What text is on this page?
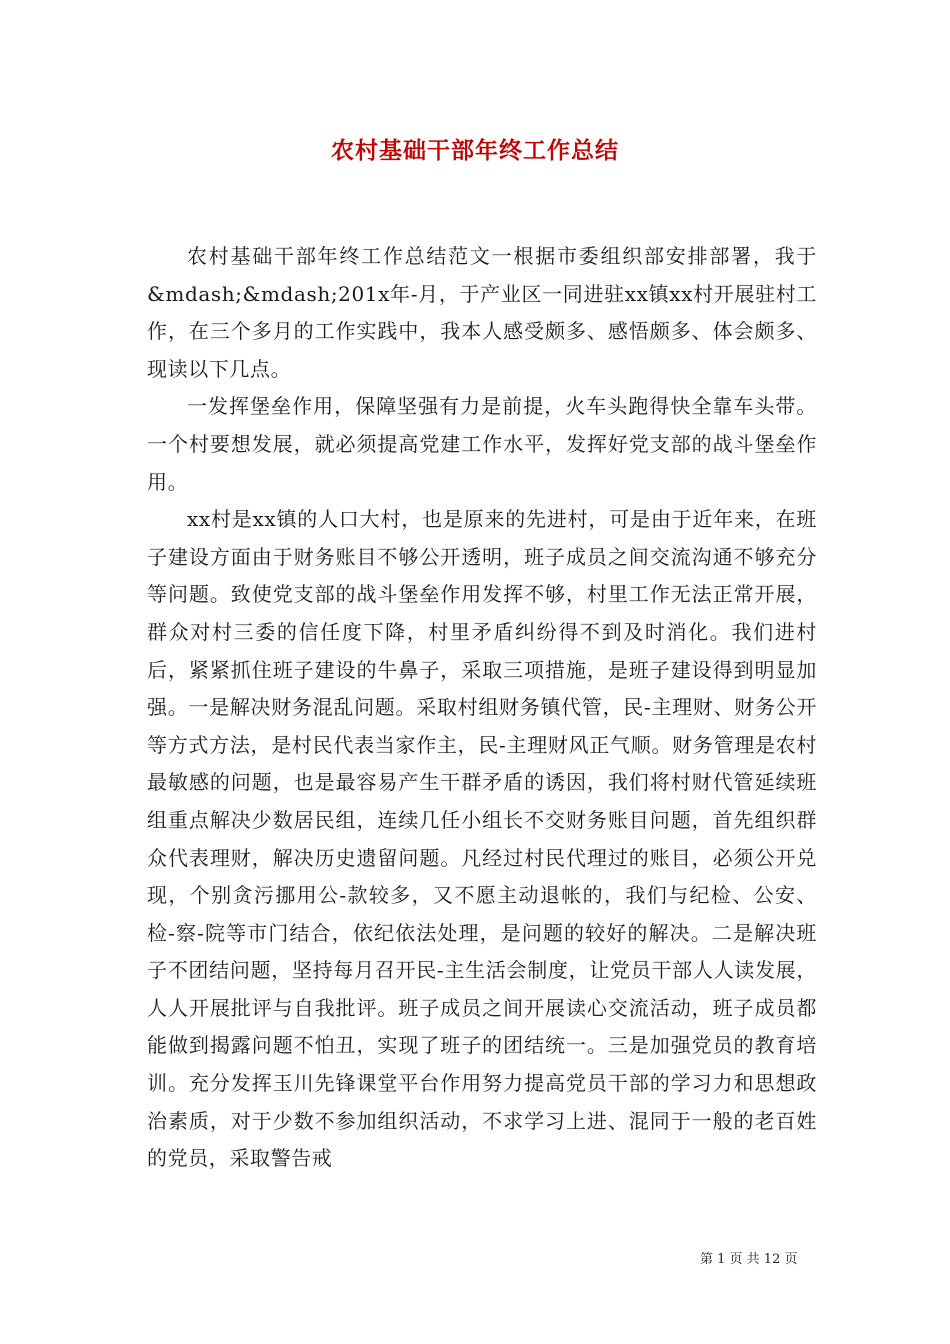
农村基础干部年终工作总结

农村基础干部年终工作总结范文一根据市委组织部安排部署，我于&mdash;&mdash;201x年-月，于产业区一同进驻xx镇xx村开展驻村工作，在三个多月的工作实践中，我本人感受颇多、感悟颇多、体会颇多、现读以下几点。

一发挥堡垒作用，保障坚强有力是前提，火车头跑得快全靠车头带。一个村要想发展，就必须提高党建工作水平，发挥好党支部的战斗堡垒作用。

xx村是xx镇的人口大村，也是原来的先进村，可是由于近年来，在班子建设方面由于财务账目不够公开透明，班子成员之间交流沟通不够充分等问题。致使党支部的战斗堡垒作用发挥不够，村里工作无法正常开展，群众对村三委的信任度下降，村里矛盾纠纷得不到及时消化。我们进村后，紧紧抓住班子建设的牛鼻子，采取三项措施，是班子建设得到明显加强。一是解决财务混乱问题。采取村组财务镇代管，民-主理财、财务公开等方式方法，是村民代表当家作主，民-主理财风正气顺。财务管理是农村最敏感的问题，也是最容易产生干群矛盾的诱因，我们将村财代管延续班组重点解决少数居民组，连续几任小组长不交财务账目问题，首先组织群众代表理财，解决历史遗留问题。凡经过村民代理过的账目，必须公开兑现，个别贪污挪用公-款较多，又不愿主动退帐的，我们与纪检、公安、检-察-院等市门结合，依纪依法处理，是问题的较好的解决。二是解决班子不团结问题，坚持每月召开民-主生活会制度，让党员干部人人读发展，人人开展批评与自我批评。班子成员之间开展读心交流活动，班子成员都能做到揭露问题不怕丑，实现了班子的团结统一。三是加强党员的教育培训。充分发挥玉川先锋课堂平台作用努力提高党员干部的学习力和思想政治素质，对于少数不参加组织活动，不求学习上进、混同于一般的老百姓的党员，采取警告戒

第 1 页 共 12 页
